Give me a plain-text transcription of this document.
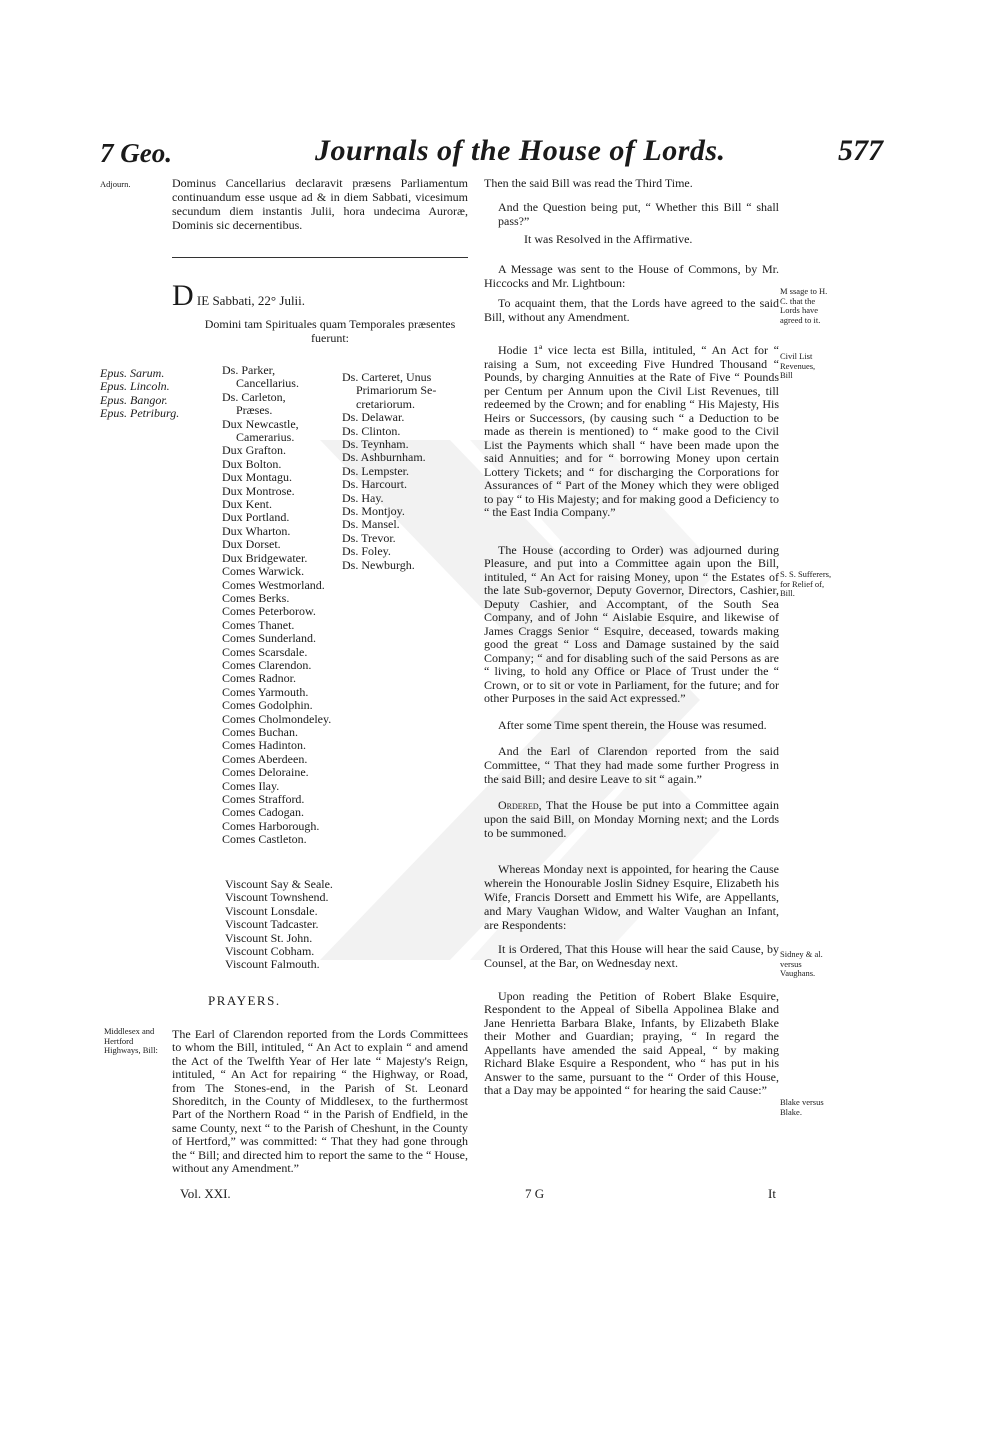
7 Geo.	Journals of the House of Lords.	577
Adjourn.	Dominus Cancellarius declaravit præsens Parliamentum continuandum esse usque ad & in diem Sabbati, vicesimum secundum diem instantis Julii, hora undecima Auroræ, Dominis sic decernentibus.

D IE Sabbati, 22° Julii.
Domini tam Spirituales quam Temporales præsentes fuerunt:
Epus. Sarum.
Epus. Lincoln.
Epus. Bangor.
Epus. Petriburg.
Ds. Parker,
Cancellarius.
Ds. Carleton,
Præses.
Dux Newcastle,
Camerarius.
Dux Grafton.
Dux Bolton.
Dux Montagu.
Dux Montrose.
Dux Kent.
Dux Portland.
Dux Wharton.
Dux Dorset.
Dux Bridgewater.
Comes Warwick.
Comes Westmorland.
Comes Berks.
Comes Peterborow.
Comes Thanet.
Comes Sunderland.
Comes Scarsdale.
Comes Clarendon.
Comes Radnor.
Comes Yarmouth.
Comes Godolphin.
Comes Cholmondeley.
Comes Buchan.
Comes Hadinton.
Comes Aberdeen.
Comes Deloraine.
Comes Ilay.
Comes Strafford.
Comes Cadogan.
Comes Harborough.
Comes Castleton.
Viscount Say & Seale.
Viscount Townshend.
Viscount Lonsdale.
Viscount Tadcaster.
Viscount St. John.
Viscount Cobham.
Viscount Falmouth.
Ds. Carteret, Unus
Primariorum Se-
cretariorum.
Ds. Delawar.
Ds. Clinton.
Ds. Teynham.
Ds. Ashburnham.
Ds. Lempster.
Ds. Harcourt.
Ds. Hay.
Ds. Montjoy.
Ds. Mansel.
Ds. Trevor.
Ds. Foley.
Ds. Newburgh.
PRAYERS.
Middlesex and Hertford Highways, Bill:

The Earl of Clarendon reported from the Lords Committees to whom the Bill, intituled, “ An Act to explain “ and amend the Act of the Twelfth Year of Her late “ Majesty's Reign, intituled, “ An Act for repairing “ the Highway, or Road, from The Stones-end, in the Parish of St. Leonard Shoreditch, in the County of Middlesex, to the furthermost Part of the Northern Road “ in the Parish of Endfield, in the same County, next “ to the Parish of Cheshunt, in the County of Hertford,” was committed: “ That they had gone through the “ Bill; and directed him to report the same to the “ House, without any Amendment.”

Then the said Bill was read the Third Time.

And the Question being put, “ Whether this Bill “ shall pass?”

It was Resolved in the Affirmative.

A Message was sent to the House of Commons, by Mr. Hiccocks and Mr. Lightboun:

To acquaint them, that the Lords have agreed to the said Bill, without any Amendment.

Hodie 1ª vice lecta est Billa, intituled, “ An Act for “ raising a Sum, not exceeding Five Hundred Thousand “ Pounds, by charging Annuities at the Rate of Five “ Pounds per Centum per Annum upon the Civil List Revenues, till redeemed by the Crown; and for enabling “ His Majesty, His Heirs or Successors, (by causing such “ a Deduction to be made as therein is mentioned) to “ make good to the Civil List the Payments which shall “ have been made upon the said Annuities; and for “ borrowing Money upon certain Lottery Tickets; and “ for discharging the Corporations for Assurances of “ Part of the Money which they were obliged to pay “ to His Majesty; and for making good a Deficiency to “ the East India Company.”

The House (according to Order) was adjourned during Pleasure, and put into a Committee again upon the Bill, intituled, “ An Act for raising Money, upon “ the Estates of the late Sub-governor, Deputy Governor, Directors, Cashier, Deputy Cashier, and Accomptant, of the South Sea Company, and of John “ Aislabie Esquire, and likewise of James Craggs Senior “ Esquire, deceased, towards making good the great “ Loss and Damage sustained by the said Company; “ and for disabling such of the said Persons as are “ living, to hold any Office or Place of Trust under the “ Crown, or to sit or vote in Parliament, for the future; and for other Purposes in the said Act expressed.”

After some Time spent therein, the House was resumed.

And the Earl of Clarendon reported from the said Committee, “ That they had made some further Progress in the said Bill; and desire Leave to sit “ again.”

Ordered, That the House be put into a Committee again upon the said Bill, on Monday Morning next; and the Lords to be summoned.

Whereas Monday next is appointed, for hearing the Cause wherein the Honourable Joslin Sidney Esquire, Elizabeth his Wife, Francis Dorsett and Emmett his Wife, are Appellants, and Mary Vaughan Widow, and Walter Vaughan an Infant, are Respondents:

It is Ordered, That this House will hear the said Cause, by Counsel, at the Bar, on Wednesday next.

Upon reading the Petition of Robert Blake Esquire, Respondent to the Appeal of Sibella Appolinea Blake and Jane Henrietta Barbara Blake, Infants, by Elizabeth Blake their Mother and Guardian; praying, “ In regard the Appellants have amended the said Appeal, “ by making Richard Blake Esquire a Respondent, who “ has put in his Answer to the same, pursuant to the “ Order of this House, that a Day may be appointed “ for hearing the said Cause:”

M ssage to H. C. that the Lords have agreed to it.
Civil List Revenues, Bill
S. S. Sufferers, for Relief of, Bill.
Sidney & al. versus Vaughans.
Blake versus Blake.
Vol. XXI.	7 G	It
